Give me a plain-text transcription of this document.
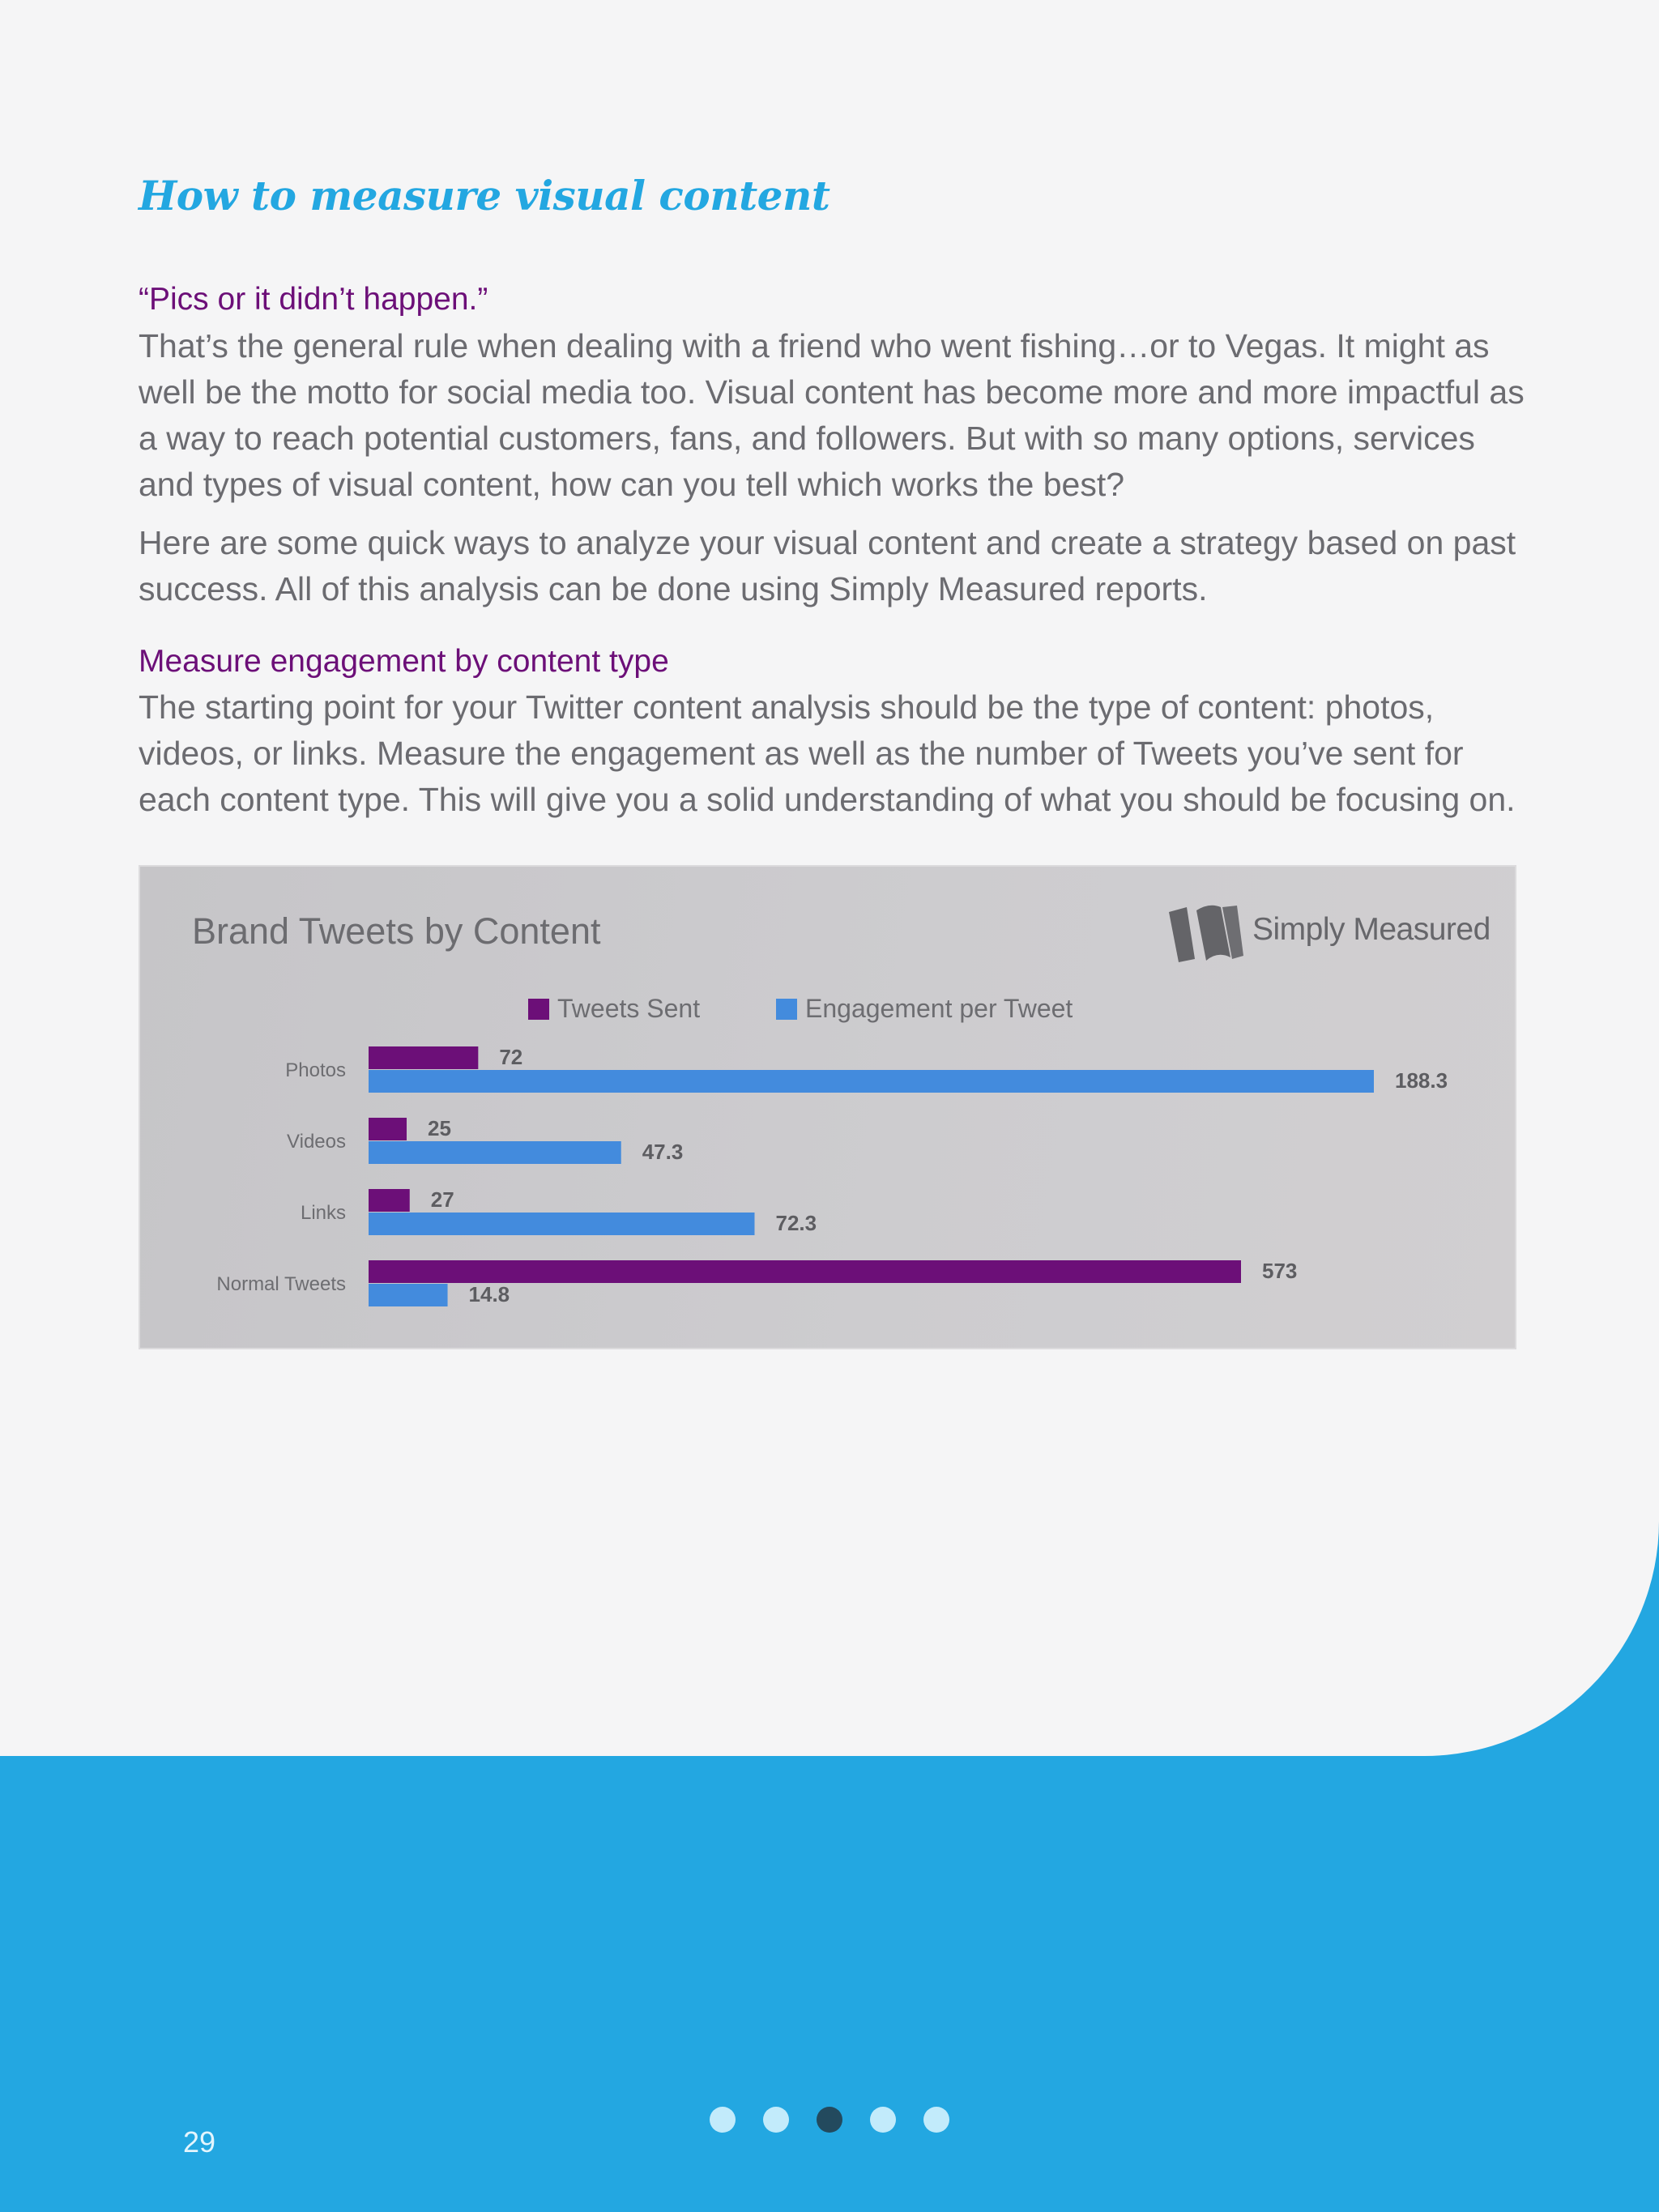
How to measure visual content

“Pics or it didn’t happen.”

That’s the general rule when dealing with a friend who went fishing…or to Vegas. It might as well be the motto for social media too. Visual content has become more and more impactful as a way to reach potential customers, fans, and followers. But with so many options, services and types of visual content, how can you tell which works the best?

Here are some quick ways to analyze your visual content and create a strategy based on past success. All of this analysis can be done using Simply Measured reports.

Measure engagement by content type

The starting point for your Twitter content analysis should be the type of content: photos, videos, or links. Measure the engagement as well as the number of Tweets you’ve sent for each content type. This will give you a solid understanding of what you should be focusing on.

Brand Tweets by Content	Simply Measured
Tweets Sent	Engagement per Tweet
Photos
72
188.3
Videos
25
47.3
Links
27
72.3
Normal Tweets
573
14.8
29
